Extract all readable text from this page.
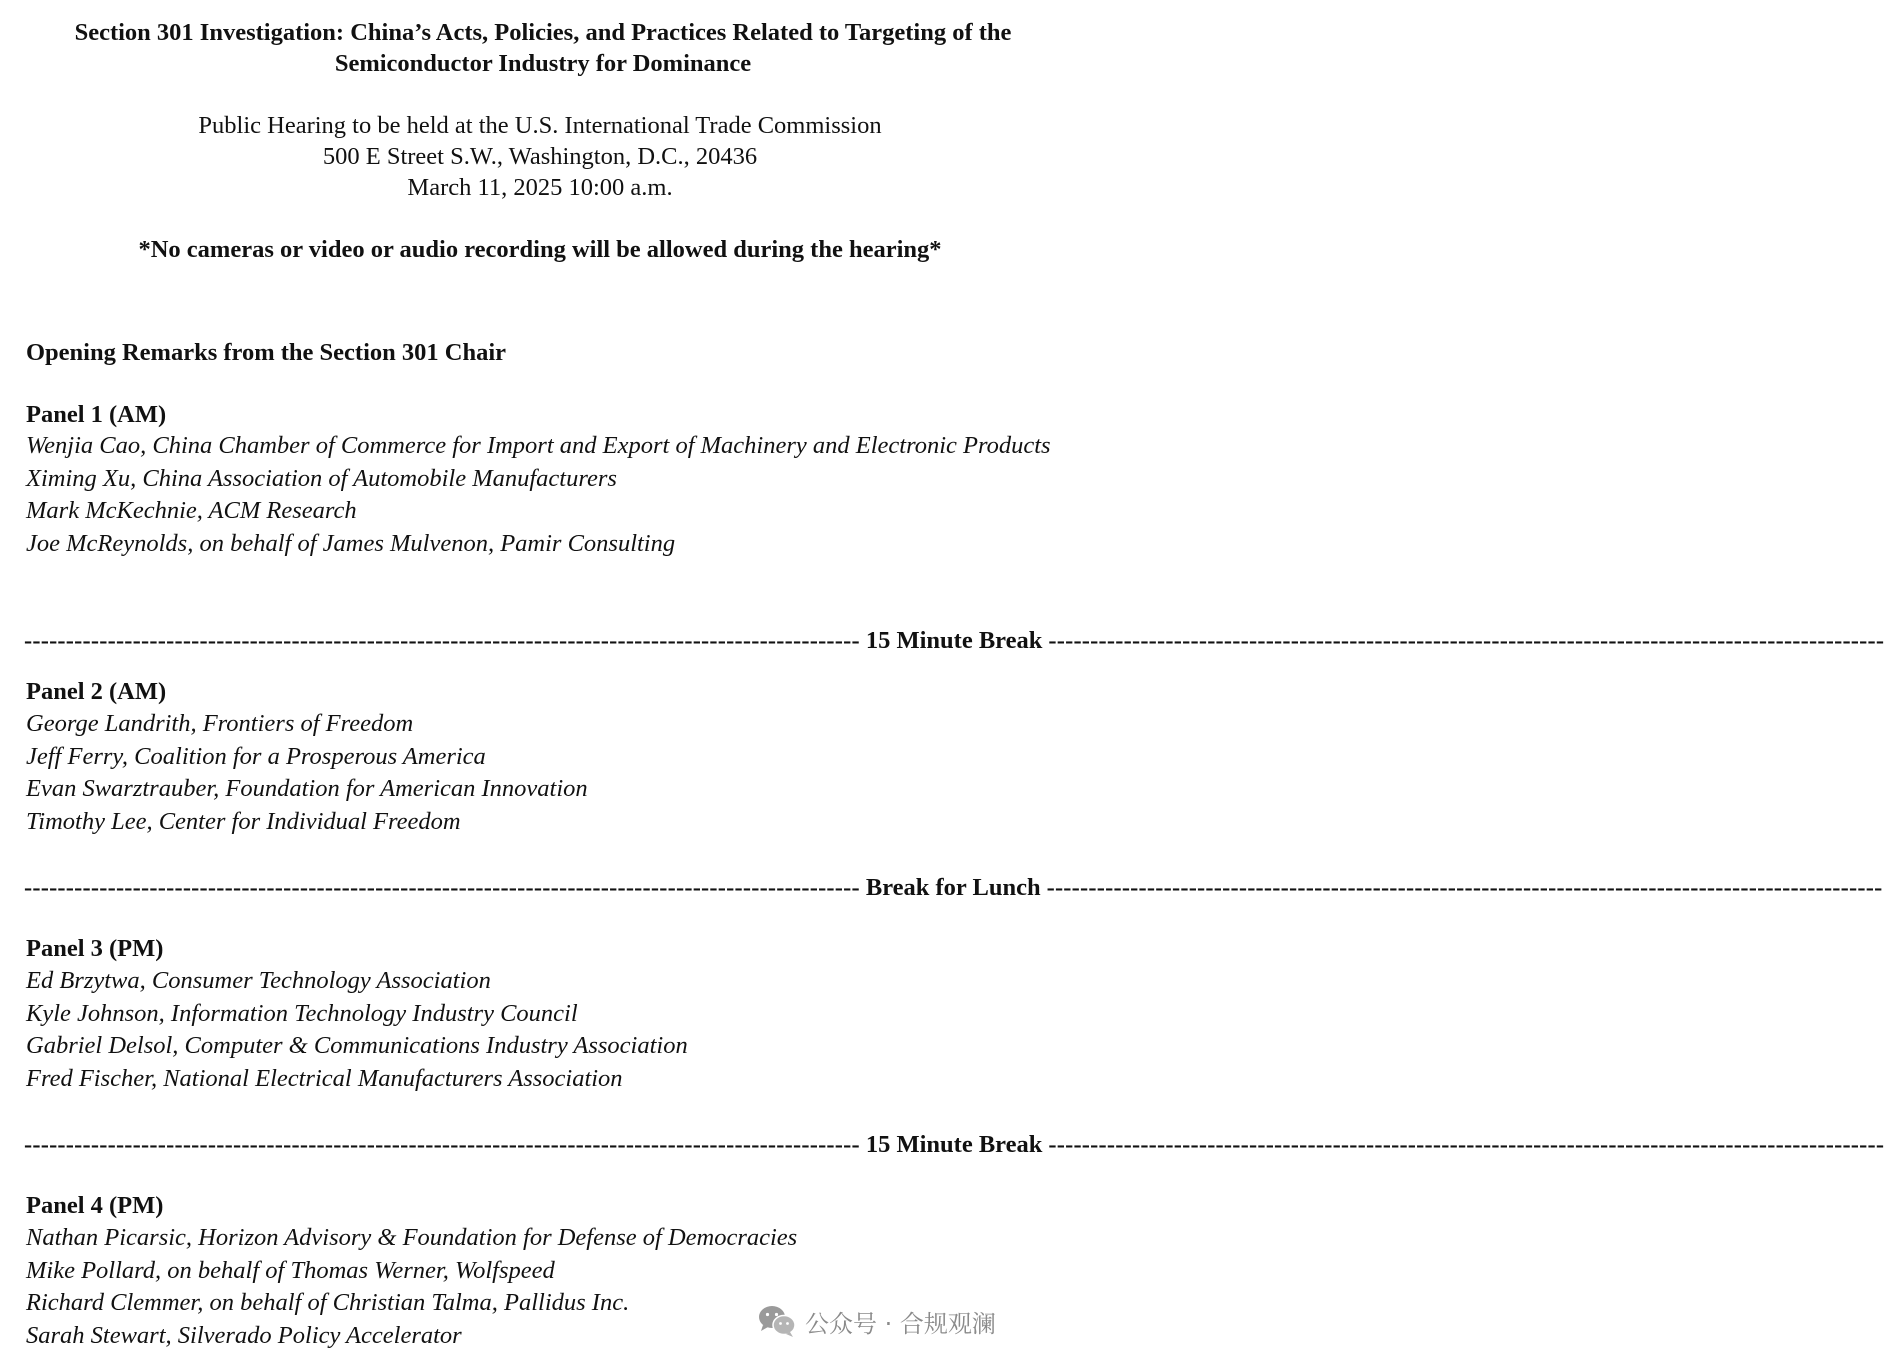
Section 301 Investigation: China’s Acts, Policies, and Practices Related to Targeting of the
Semiconductor Industry for Dominance
Public Hearing to be held at the U.S. International Trade Commission
500 E Street S.W., Washington, D.C., 20436
March 11, 2025 10:00 a.m.
*No cameras or video or audio recording will be allowed during the hearing*
Opening Remarks from the Section 301 Chair
Panel 1 (AM)
Wenjia Cao, China Chamber of Commerce for Import and Export of Machinery and Electronic Products
Ximing Xu, China Association of Automobile Manufacturers
Mark McKechnie, ACM Research
Joe McReynolds, on behalf of James Mulvenon, Pamir Consulting
---------------------------------------------------------------------------------------------------- 15 Minute Break ----------------------------------------------------------------------------------------------------
Panel 2 (AM)
George Landrith, Frontiers of Freedom
Jeff Ferry, Coalition for a Prosperous America
Evan Swarztrauber, Foundation for American Innovation
Timothy Lee, Center for Individual Freedom
---------------------------------------------------------------------------------------------------- Break for Lunch ----------------------------------------------------------------------------------------------------
Panel 3 (PM)
Ed Brzytwa, Consumer Technology Association
Kyle Johnson, Information Technology Industry Council
Gabriel Delsol, Computer & Communications Industry Association
Fred Fischer, National Electrical Manufacturers Association
---------------------------------------------------------------------------------------------------- 15 Minute Break ----------------------------------------------------------------------------------------------------
Panel 4 (PM)
Nathan Picarsic, Horizon Advisory & Foundation for Defense of Democracies
Mike Pollard, on behalf of Thomas Werner, Wolfspeed
Richard Clemmer, on behalf of Christian Talma, Pallidus Inc.
Sarah Stewart, Silverado Policy Accelerator	公众号 · 合规观澜
